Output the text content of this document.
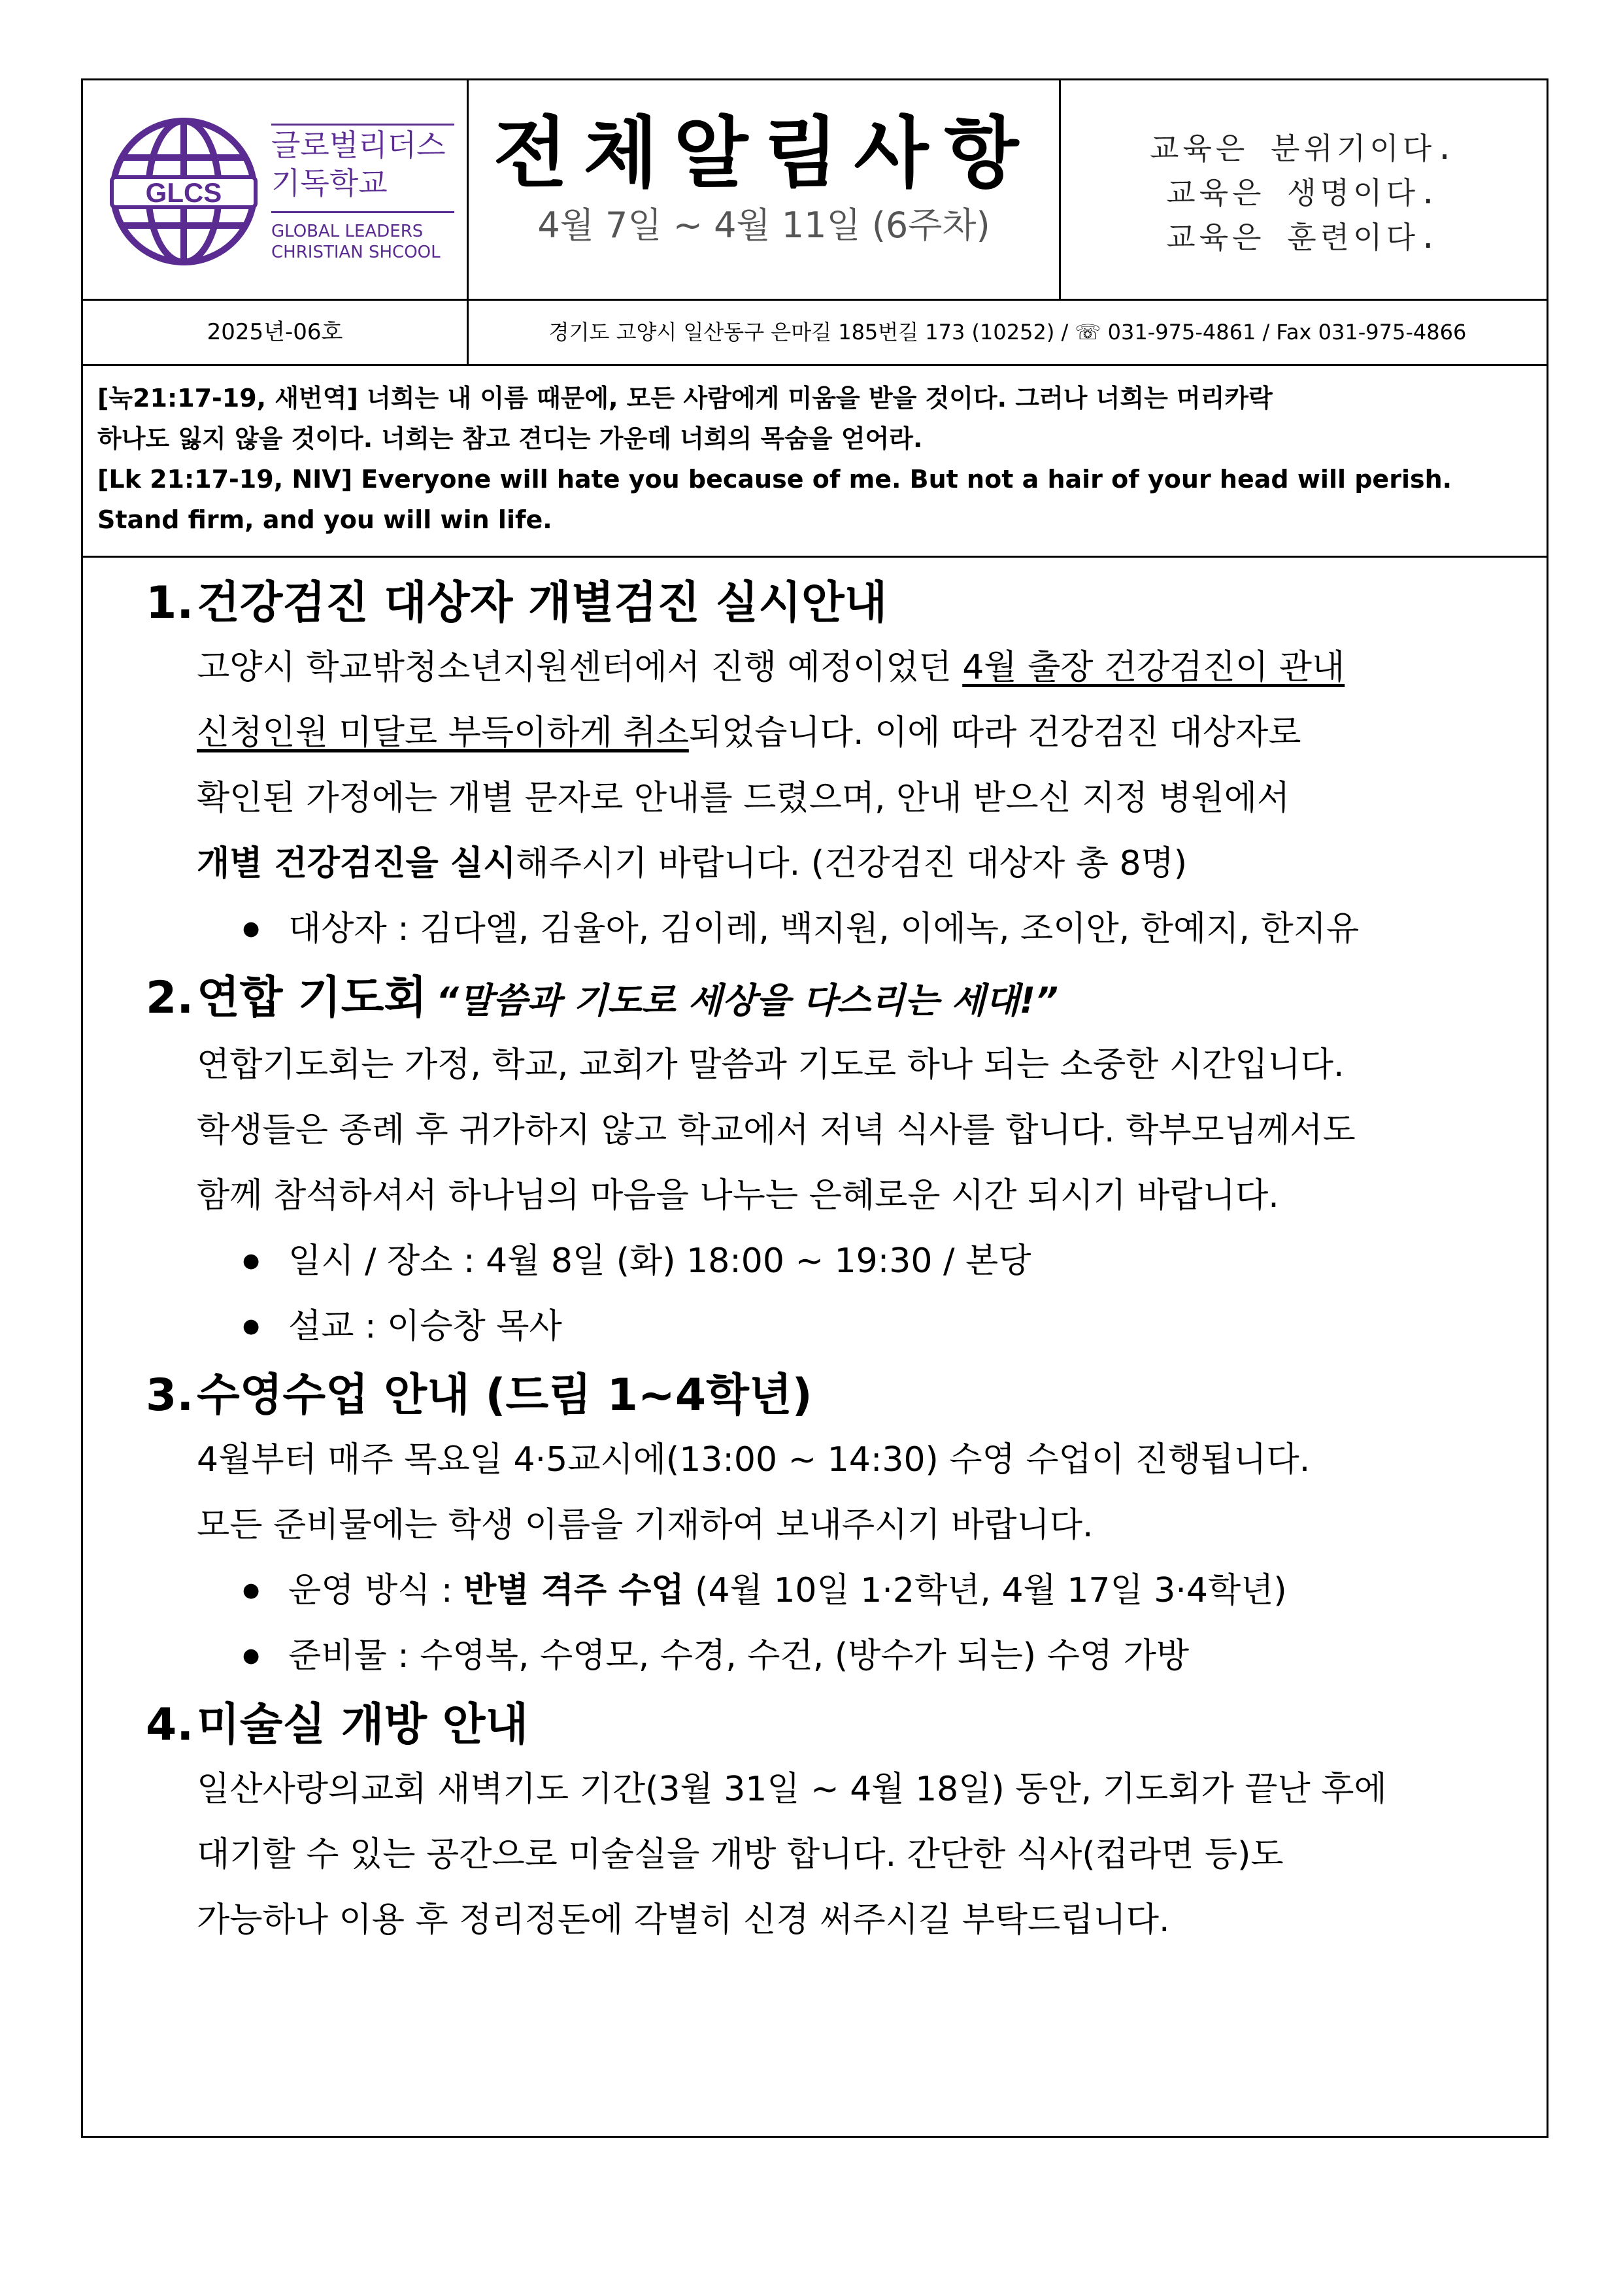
GLCS
글로벌리더스
기독학교
GLOBAL LEADERS
CHRISTIAN SHCOOL
전체알림사항
4월 7일 ~ 4월 11일 (6주차)
교육은 분위기이다.
교육은 생명이다.
교육은 훈련이다.
2025년-06호	경기도 고양시 일산동구 은마길 185번길 173 (10252) / ☏ 031-975-4861 / Fax 031-975-4866
[눅21:17-19, 새번역] 너희는 내 이름 때문에, 모든 사람에게 미움을 받을 것이다. 그러나 너희는 머리카락
하나도 잃지 않을 것이다. 너희는 참고 견디는 가운데 너희의 목숨을 얻어라.
[Lk 21:17-19, NIV] Everyone will hate you because of me. But not a hair of your head will perish.
Stand firm, and you will win life.
1.건강검진 대상자 개별검진 실시안내
고양시 학교밖청소년지원센터에서 진행 예정이었던 4월 출장 건강검진이 관내
신청인원 미달로 부득이하게 취소되었습니다. 이에 따라 건강검진 대상자로
확인된 가정에는 개별 문자로 안내를 드렸으며, 안내 받으신 지정 병원에서
개별 건강검진을 실시해주시기 바랍니다. (건강검진 대상자 총 8명)
● 대상자 : 김다엘, 김율아, 김이레, 백지원, 이에녹, 조이안, 한예지, 한지유
2.연합 기도회 “말씀과 기도로 세상을 다스리는 세대!”
연합기도회는 가정, 학교, 교회가 말씀과 기도로 하나 되는 소중한 시간입니다.
학생들은 종례 후 귀가하지 않고 학교에서 저녁 식사를 합니다. 학부모님께서도
함께 참석하셔서 하나님의 마음을 나누는 은혜로운 시간 되시기 바랍니다.
● 일시 / 장소 : 4월 8일 (화) 18:00 ~ 19:30 / 본당
● 설교 : 이승창 목사
3.수영수업 안내 (드림 1~4학년)
4월부터 매주 목요일 4·5교시에(13:00 ~ 14:30) 수영 수업이 진행됩니다.
모든 준비물에는 학생 이름을 기재하여 보내주시기 바랍니다.
● 운영 방식 : 반별 격주 수업 (4월 10일 1·2학년, 4월 17일 3·4학년)
● 준비물 : 수영복, 수영모, 수경, 수건, (방수가 되는) 수영 가방
4.미술실 개방 안내
일산사랑의교회 새벽기도 기간(3월 31일 ~ 4월 18일) 동안, 기도회가 끝난 후에
대기할 수 있는 공간으로 미술실을 개방 합니다. 간단한 식사(컵라면 등)도
가능하나 이용 후 정리정돈에 각별히 신경 써주시길 부탁드립니다.
